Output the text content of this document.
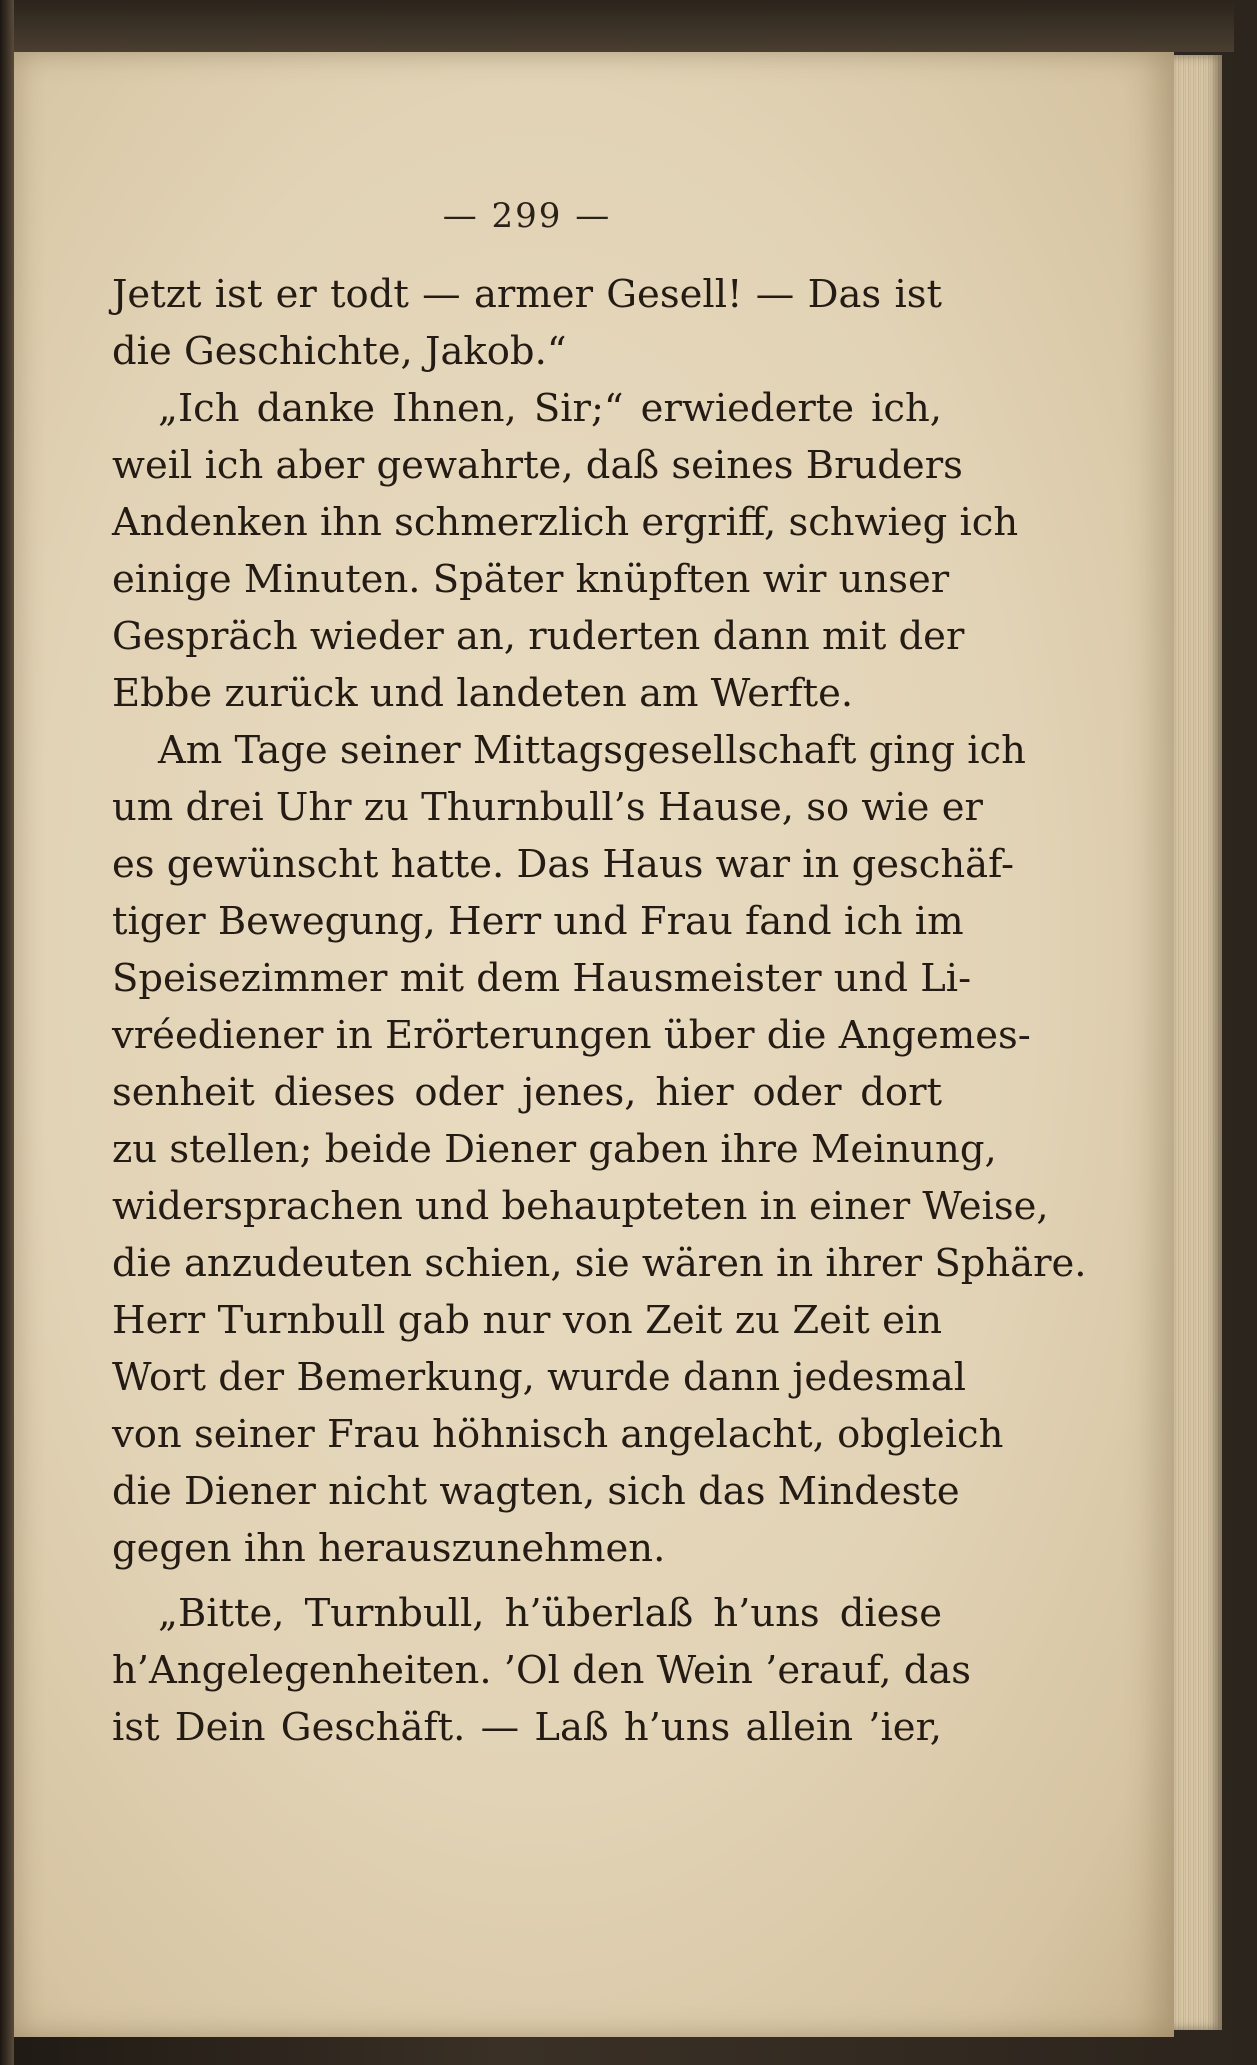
— 299 —
Jetzt ist er todt — armer Gesell! — Das ist
die Geschichte, Jakob.“
„Ich danke Ihnen, Sir;“ erwiederte ich,
weil ich aber gewahrte, daß seines Bruders
Andenken ihn schmerzlich ergriff, schwieg ich
einige Minuten. Später knüpften wir unser
Gespräch wieder an, ruderten dann mit der
Ebbe zurück und landeten am Werfte.
Am Tage seiner Mittagsgesellschaft ging ich
um drei Uhr zu Thurnbull’s Hause, so wie er
es gewünscht hatte. Das Haus war in geschäf-
tiger Bewegung, Herr und Frau fand ich im
Speisezimmer mit dem Hausmeister und Li-
vréediener in Erörterungen über die Angemes-
senheit dieses oder jenes, hier oder dort
zu stellen; beide Diener gaben ihre Meinung,
widersprachen und behaupteten in einer Weise,
die anzudeuten schien, sie wären in ihrer Sphäre.
Herr Turnbull gab nur von Zeit zu Zeit ein
Wort der Bemerkung, wurde dann jedesmal
von seiner Frau höhnisch angelacht, obgleich
die Diener nicht wagten, sich das Mindeste
gegen ihn herauszunehmen.
„Bitte, Turnbull, h’überlaß h’uns diese
h’Angelegenheiten. ’Ol den Wein ’erauf, das
ist Dein Geschäft. — Laß h’uns allein ’ier,
